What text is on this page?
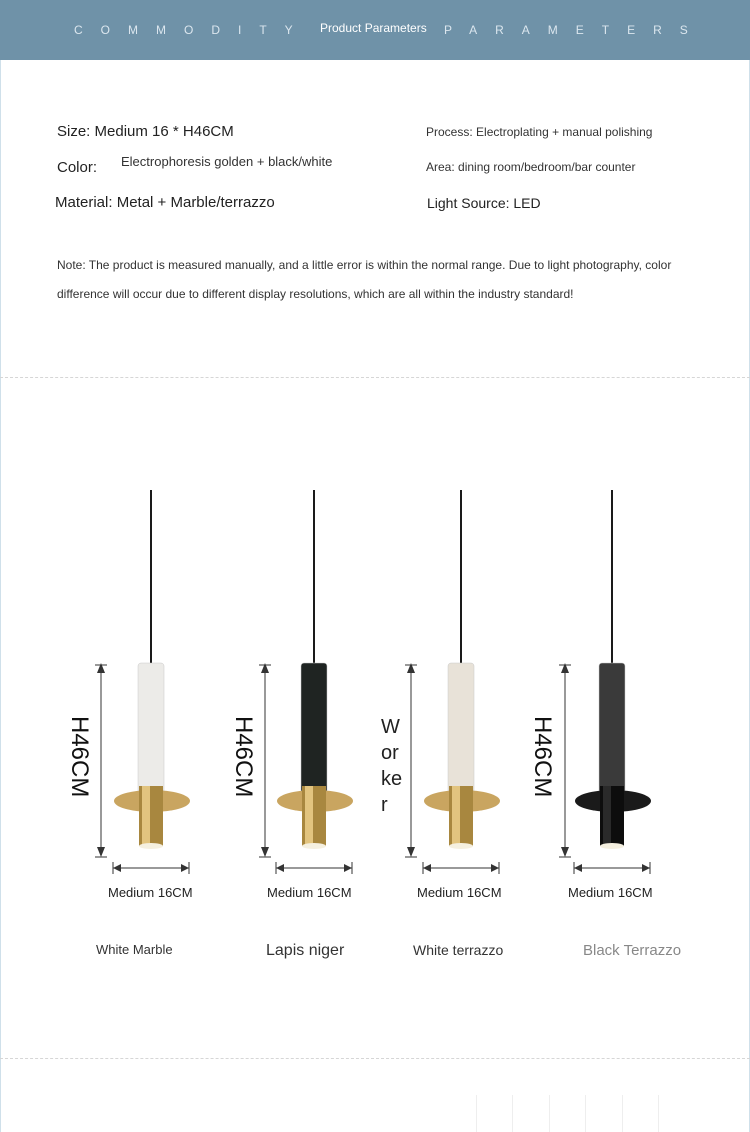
COMMODITY Product Parameters PARAMETERS
Size: Medium 16 * H46CM
Color: Electrophoresis golden + black/white
Material: Metal + Marble/terrazzo
Process: Electroplating + manual polishing
Area: dining room/bedroom/bar counter
Light Source: LED
Note: The product is measured manually, and a little error is within the normal range. Due to light photography, color
difference will occur due to different display resolutions, which are all within the industry standard!
H46CM
Medium 16CM
White Marble
H46CM
Medium 16CM
Lapis niger
Medium 16CM
White terrazzo
H46CM
Medium 16CM
Black Terrazzo
W
or
ke
r
